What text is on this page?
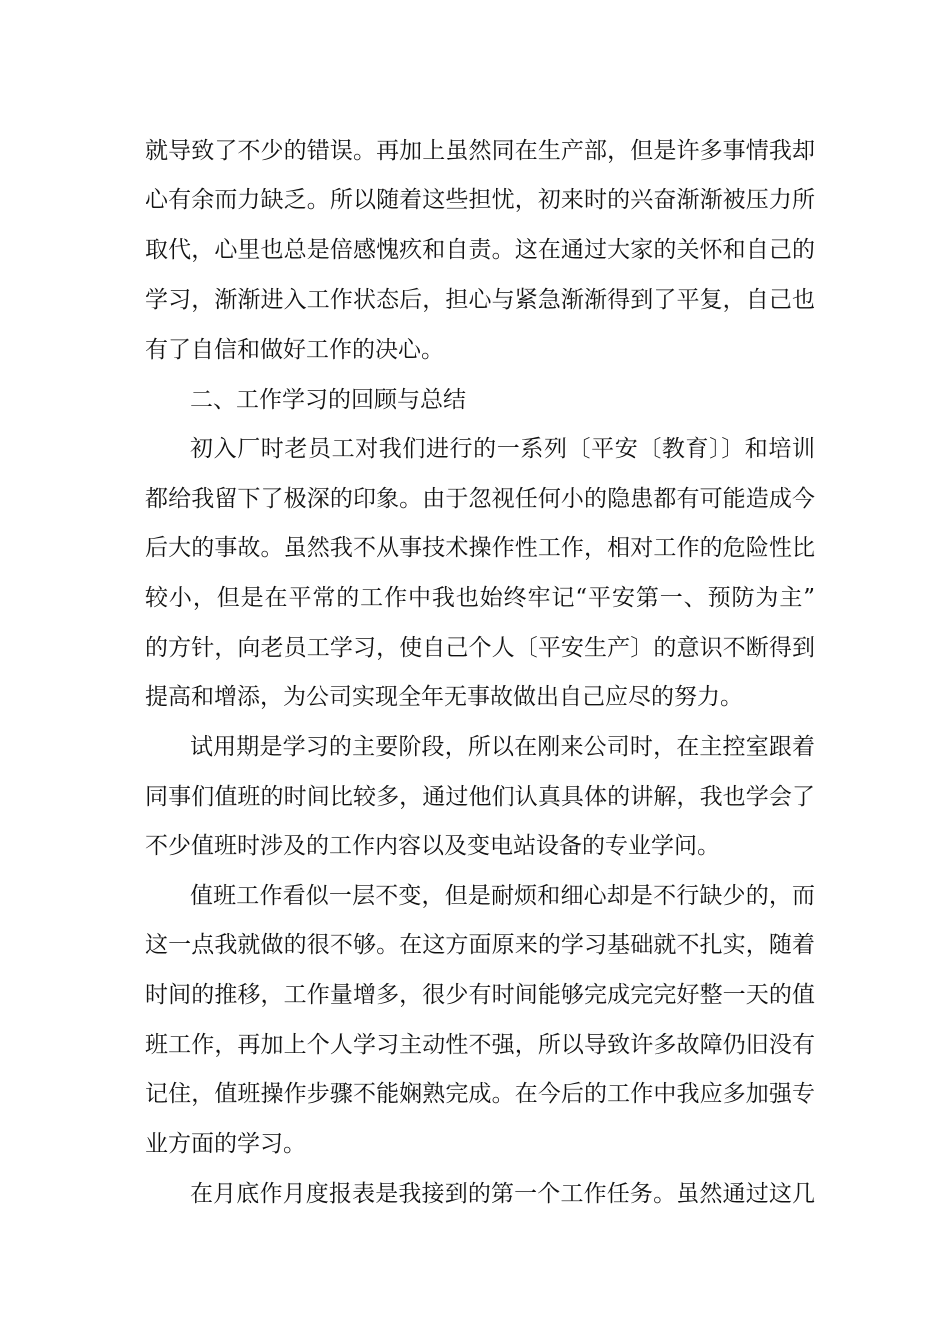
就导致了不少的错误。再加上虽然同在生产部，但是许多事情我却
心有余而力缺乏。所以随着这些担忧，初来时的兴奋渐渐被压力所
取代，心里也总是倍感愧疚和自责。这在通过大家的关怀和自己的
学习，渐渐进入工作状态后，担心与紧急渐渐得到了平复，自己也
有了自信和做好工作的决心。
二、工作学习的回顾与总结
初入厂时老员工对我们进行的一系列〔平安〔教育〕〕和培训
都给我留下了极深的印象。由于忽视任何小的隐患都有可能造成今
后大的事故。虽然我不从事技术操作性工作，相对工作的危险性比
较小，但是在平常的工作中我也始终牢记“平安第一、预防为主”
的方针，向老员工学习，使自己个人〔平安生产〕的意识不断得到
提高和增添，为公司实现全年无事故做出自己应尽的努力。
试用期是学习的主要阶段，所以在刚来公司时，在主控室跟着
同事们值班的时间比较多，通过他们认真具体的讲解，我也学会了
不少值班时涉及的工作内容以及变电站设备的专业学问。
值班工作看似一层不变，但是耐烦和细心却是不行缺少的，而
这一点我就做的很不够。在这方面原来的学习基础就不扎实，随着
时间的推移，工作量增多，很少有时间能够完成完完好整一天的值
班工作，再加上个人学习主动性不强，所以导致许多故障仍旧没有
记住，值班操作步骤不能娴熟完成。在今后的工作中我应多加强专
业方面的学习。
在月底作月度报表是我接到的第一个工作任务。虽然通过这几
